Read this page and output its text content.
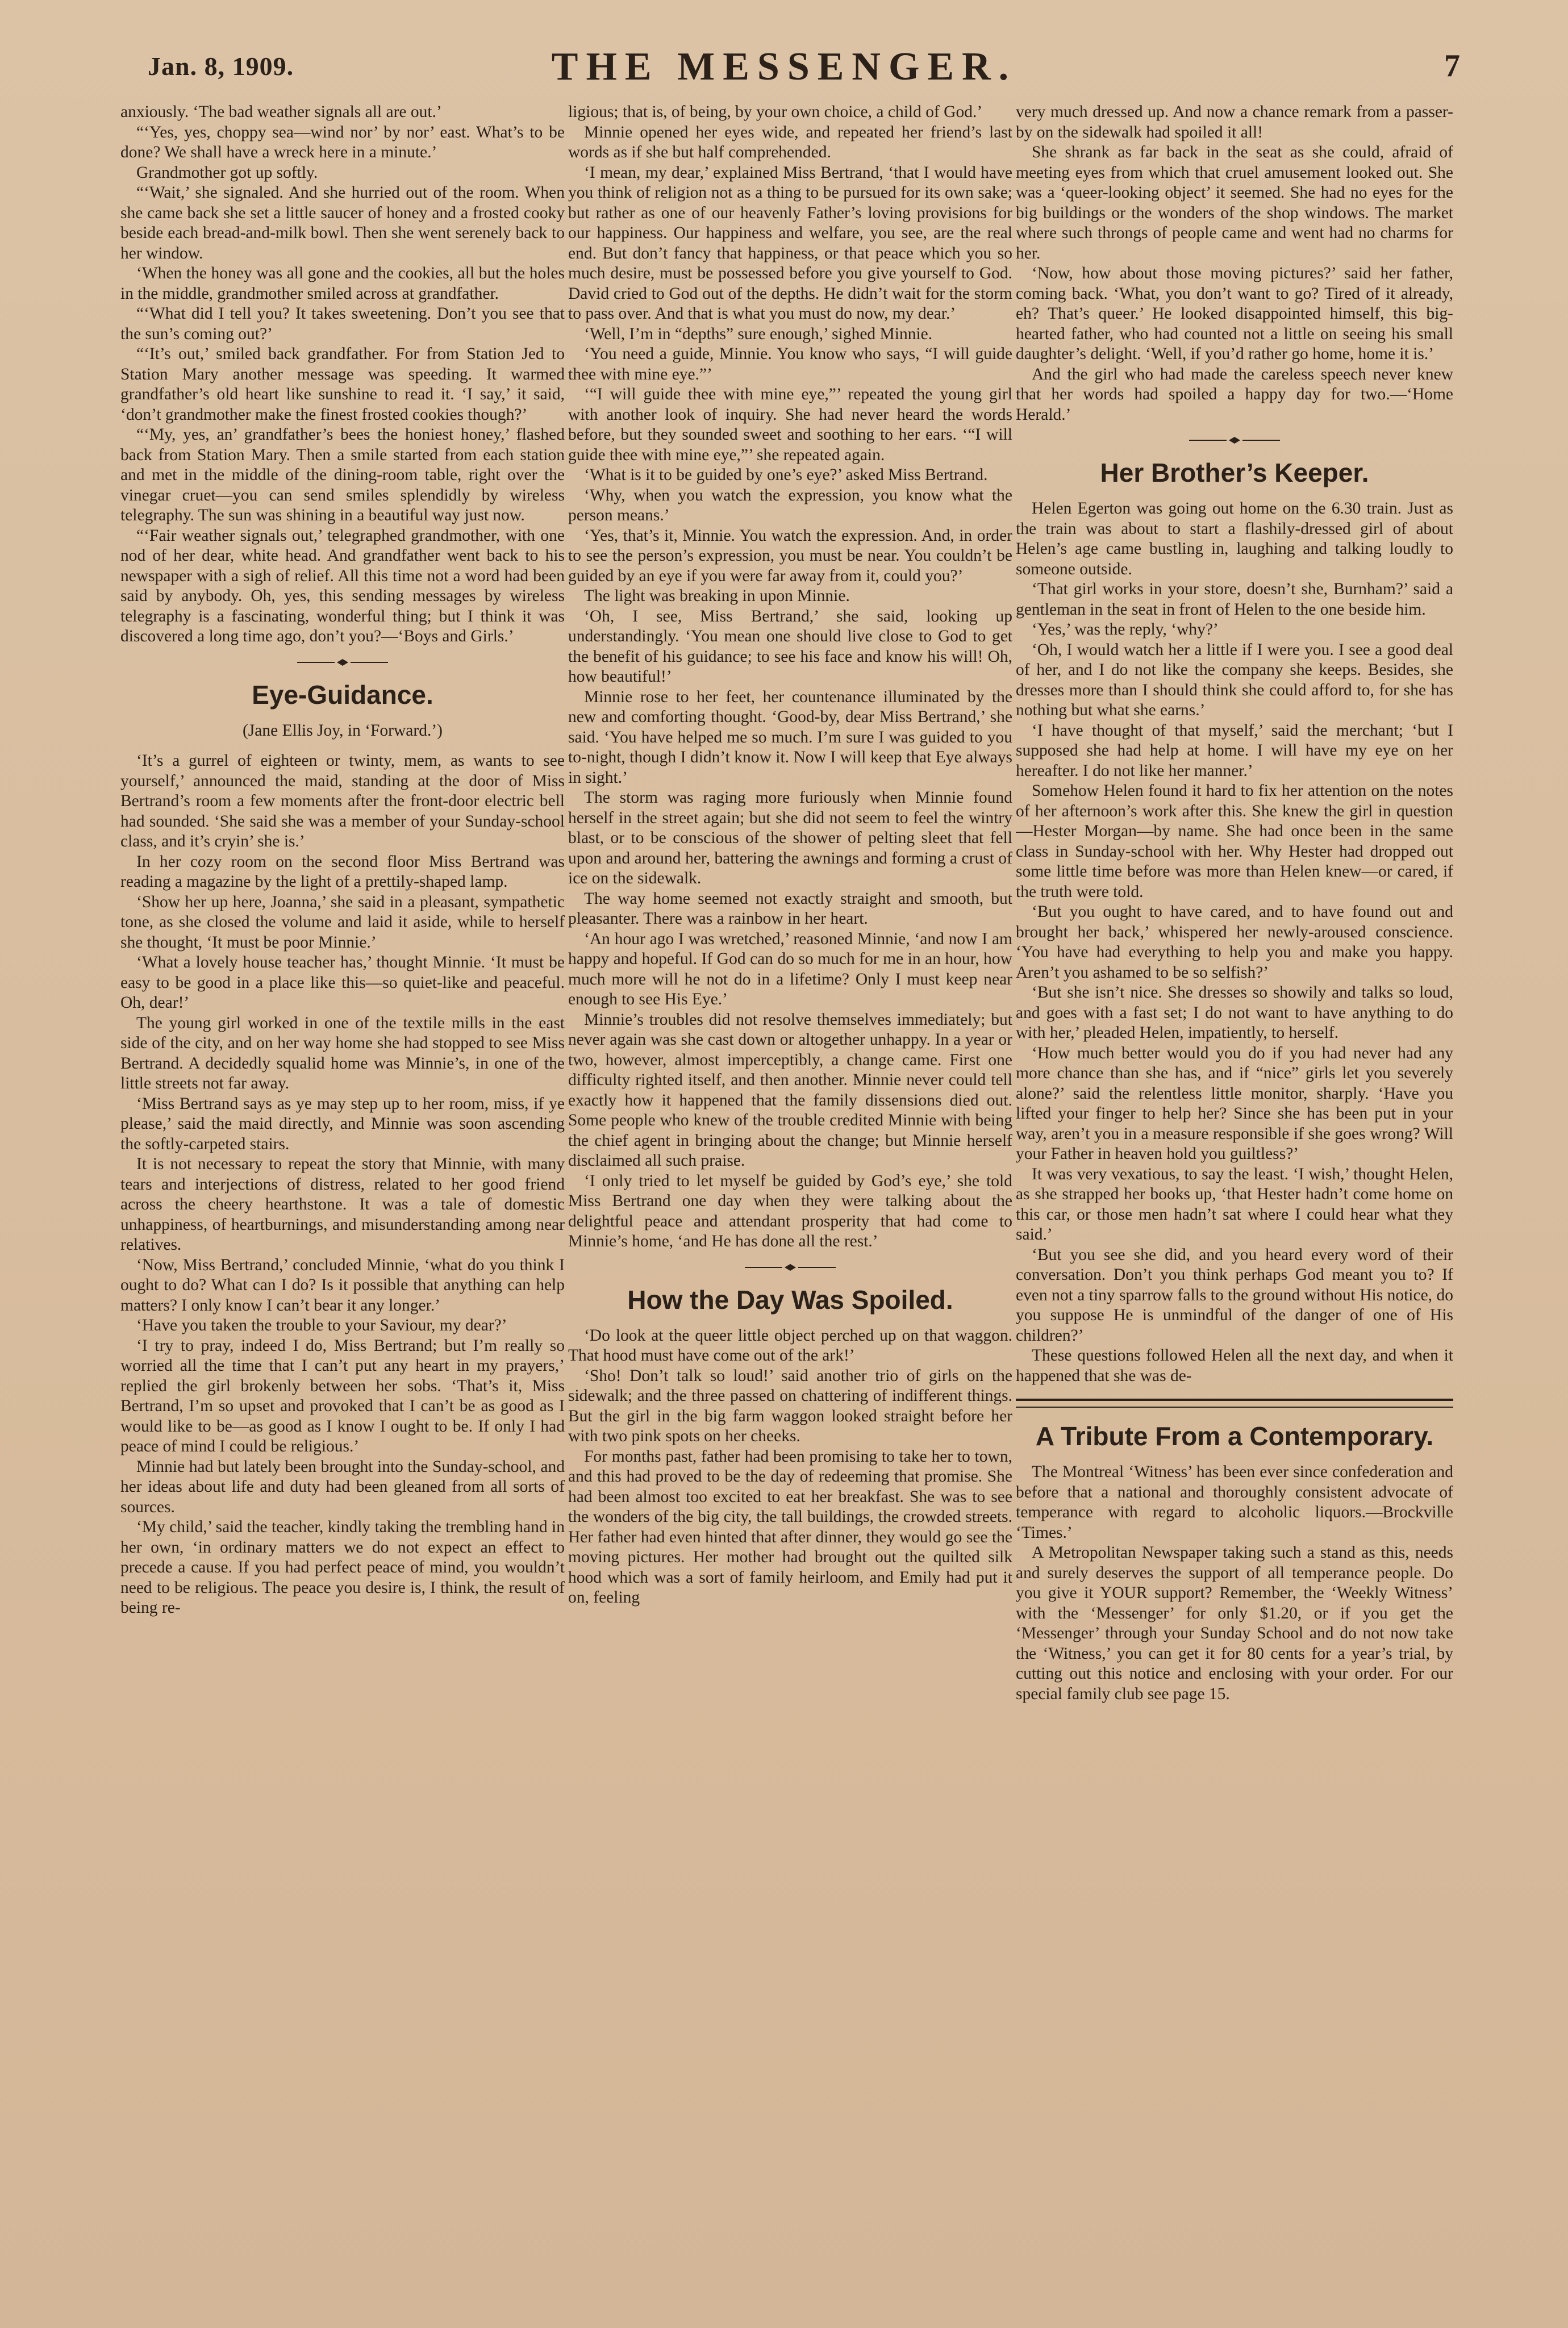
Jan. 8, 1909.	THE MESSENGER.	7

anxiously. ‘The bad weather signals all are out.’

“‘Yes, yes, choppy sea—wind nor’ by nor’ east. What’s to be done? We shall have a wreck here in a minute.’

Grandmother got up softly.

“‘Wait,’ she signaled. And she hurried out of the room. When she came back she set a little saucer of honey and a frosted cooky beside each bread-and-milk bowl. Then she went serenely back to her window.

‘When the honey was all gone and the cookies, all but the holes in the middle, grandmother smiled across at grandfather.

“‘What did I tell you? It takes sweetening. Don’t you see that the sun’s coming out?’

“‘It’s out,’ smiled back grandfather. For from Station Jed to Station Mary another message was speeding. It warmed grandfather’s old heart like sunshine to read it. ‘I say,’ it said, ‘don’t grandmother make the finest frosted cookies though?’

“‘My, yes, an’ grandfather’s bees the honiest honey,’ flashed back from Station Mary. Then a smile started from each station and met in the middle of the dining-room table, right over the vinegar cruet—you can send smiles splendidly by wireless telegraphy. The sun was shining in a beautiful way just now.

“‘Fair weather signals out,’ telegraphed grandmother, with one nod of her dear, white head. And grandfather went back to his newspaper with a sigh of relief. All this time not a word had been said by anybody. Oh, yes, this sending messages by wireless telegraphy is a fascinating, wonderful thing; but I think it was discovered a long time ago, don’t you?—‘Boys and Girls.’

Eye-Guidance.
(Jane Ellis Joy, in ‘Forward.’)

‘It’s a gurrel of eighteen or twinty, mem, as wants to see yourself,’ announced the maid, standing at the door of Miss Bertrand’s room a few moments after the front-door electric bell had sounded. ‘She said she was a member of your Sunday-school class, and it’s cryin’ she is.’

In her cozy room on the second floor Miss Bertrand was reading a magazine by the light of a prettily-shaped lamp.

‘Show her up here, Joanna,’ she said in a pleasant, sympathetic tone, as she closed the volume and laid it aside, while to herself she thought, ‘It must be poor Minnie.’

‘What a lovely house teacher has,’ thought Minnie. ‘It must be easy to be good in a place like this—so quiet-like and peaceful. Oh, dear!’

The young girl worked in one of the textile mills in the east side of the city, and on her way home she had stopped to see Miss Bertrand. A decidedly squalid home was Minnie’s, in one of the little streets not far away.

‘Miss Bertrand says as ye may step up to her room, miss, if ye please,’ said the maid directly, and Minnie was soon ascending the softly-carpeted stairs.

It is not necessary to repeat the story that Minnie, with many tears and interjections of distress, related to her good friend across the cheery hearthstone. It was a tale of domestic unhappiness, of heartburnings, and misunderstanding among near relatives.

‘Now, Miss Bertrand,’ concluded Minnie, ‘what do you think I ought to do? What can I do? Is it possible that anything can help matters? I only know I can’t bear it any longer.’

‘Have you taken the trouble to your Saviour, my dear?’

‘I try to pray, indeed I do, Miss Bertrand; but I’m really so worried all the time that I can’t put any heart in my prayers,’ replied the girl brokenly between her sobs. ‘That’s it, Miss Bertrand, I’m so upset and provoked that I can’t be as good as I would like to be—as good as I know I ought to be. If only I had peace of mind I could be religious.’

Minnie had but lately been brought into the Sunday-school, and her ideas about life and duty had been gleaned from all sorts of sources.

‘My child,’ said the teacher, kindly taking the trembling hand in her own, ‘in ordinary matters we do not expect an effect to precede a cause. If you had perfect peace of mind, you wouldn’t need to be religious. The peace you desire is, I think, the result of being re-

ligious; that is, of being, by your own choice, a child of God.’

Minnie opened her eyes wide, and repeated her friend’s last words as if she but half comprehended.

‘I mean, my dear,’ explained Miss Bertrand, ‘that I would have you think of religion not as a thing to be pursued for its own sake; but rather as one of our heavenly Father’s loving provisions for our happiness. Our happiness and welfare, you see, are the real end. But don’t fancy that happiness, or that peace which you so much desire, must be possessed before you give yourself to God. David cried to God out of the depths. He didn’t wait for the storm to pass over. And that is what you must do now, my dear.’

‘Well, I’m in “depths” sure enough,’ sighed Minnie.

‘You need a guide, Minnie. You know who says, “I will guide thee with mine eye.”’

‘“I will guide thee with mine eye,”’ repeated the young girl with another look of inquiry. She had never heard the words before, but they sounded sweet and soothing to her ears. ‘“I will guide thee with mine eye,”’ she repeated again.

‘What is it to be guided by one’s eye?’ asked Miss Bertrand.

‘Why, when you watch the expression, you know what the person means.’

‘Yes, that’s it, Minnie. You watch the expression. And, in order to see the person’s expression, you must be near. You couldn’t be guided by an eye if you were far away from it, could you?’

The light was breaking in upon Minnie.

‘Oh, I see, Miss Bertrand,’ she said, looking up understandingly. ‘You mean one should live close to God to get the benefit of his guidance; to see his face and know his will! Oh, how beautiful!’

Minnie rose to her feet, her countenance illuminated by the new and comforting thought. ‘Good-by, dear Miss Bertrand,’ she said. ‘You have helped me so much. I’m sure I was guided to you to-night, though I didn’t know it. Now I will keep that Eye always in sight.’

The storm was raging more furiously when Minnie found herself in the street again; but she did not seem to feel the wintry blast, or to be conscious of the shower of pelting sleet that fell upon and around her, battering the awnings and forming a crust of ice on the sidewalk.

The way home seemed not exactly straight and smooth, but pleasanter. There was a rainbow in her heart.

‘An hour ago I was wretched,’ reasoned Minnie, ‘and now I am happy and hopeful. If God can do so much for me in an hour, how much more will he not do in a lifetime? Only I must keep near enough to see His Eye.’

Minnie’s troubles did not resolve themselves immediately; but never again was she cast down or altogether unhappy. In a year or two, however, almost imperceptibly, a change came. First one difficulty righted itself, and then another. Minnie never could tell exactly how it happened that the family dissensions died out. Some people who knew of the trouble credited Minnie with being the chief agent in bringing about the change; but Minnie herself disclaimed all such praise.

‘I only tried to let myself be guided by God’s eye,’ she told Miss Bertrand one day when they were talking about the delightful peace and attendant prosperity that had come to Minnie’s home, ‘and He has done all the rest.’

How the Day Was Spoiled.

‘Do look at the queer little object perched up on that waggon. That hood must have come out of the ark!’

‘Sho! Don’t talk so loud!’ said another trio of girls on the sidewalk; and the three passed on chattering of indifferent things. But the girl in the big farm waggon looked straight before her with two pink spots on her cheeks.

For months past, father had been promising to take her to town, and this had proved to be the day of redeeming that promise. She had been almost too excited to eat her breakfast. She was to see the wonders of the big city, the tall buildings, the crowded streets. Her father had even hinted that after dinner, they would go see the moving pictures. Her mother had brought out the quilted silk hood which was a sort of family heirloom, and Emily had put it on, feeling

very much dressed up. And now a chance remark from a passer-by on the sidewalk had spoiled it all!

She shrank as far back in the seat as she could, afraid of meeting eyes from which that cruel amusement looked out. She was a ‘queer-looking object’ it seemed. She had no eyes for the big buildings or the wonders of the shop windows. The market where such throngs of people came and went had no charms for her.

‘Now, how about those moving pictures?’ said her father, coming back. ‘What, you don’t want to go? Tired of it already, eh? That’s queer.’ He looked disappointed himself, this big-hearted father, who had counted not a little on seeing his small daughter’s delight. ‘Well, if you’d rather go home, home it is.’

And the girl who had made the careless speech never knew that her words had spoiled a happy day for two.—‘Home Herald.’

Her Brother’s Keeper.

Helen Egerton was going out home on the 6.30 train. Just as the train was about to start a flashily-dressed girl of about Helen’s age came bustling in, laughing and talking loudly to someone outside.

‘That girl works in your store, doesn’t she, Burnham?’ said a gentleman in the seat in front of Helen to the one beside him.

‘Yes,’ was the reply, ‘why?’

‘Oh, I would watch her a little if I were you. I see a good deal of her, and I do not like the company she keeps. Besides, she dresses more than I should think she could afford to, for she has nothing but what she earns.’

‘I have thought of that myself,’ said the merchant; ‘but I supposed she had help at home. I will have my eye on her hereafter. I do not like her manner.’

Somehow Helen found it hard to fix her attention on the notes of her afternoon’s work after this. She knew the girl in question—Hester Morgan—by name. She had once been in the same class in Sunday-school with her. Why Hester had dropped out some little time before was more than Helen knew—or cared, if the truth were told.

‘But you ought to have cared, and to have found out and brought her back,’ whispered her newly-aroused conscience. ‘You have had everything to help you and make you happy. Aren’t you ashamed to be so selfish?’

‘But she isn’t nice. She dresses so showily and talks so loud, and goes with a fast set; I do not want to have anything to do with her,’ pleaded Helen, impatiently, to herself.

‘How much better would you do if you had never had any more chance than she has, and if “nice” girls let you severely alone?’ said the relentless little monitor, sharply. ‘Have you lifted your finger to help her? Since she has been put in your way, aren’t you in a measure responsible if she goes wrong? Will your Father in heaven hold you guiltless?’

It was very vexatious, to say the least. ‘I wish,’ thought Helen, as she strapped her books up, ‘that Hester hadn’t come home on this car, or those men hadn’t sat where I could hear what they said.’

‘But you see she did, and you heard every word of their conversation. Don’t you think perhaps God meant you to? If even not a tiny sparrow falls to the ground without His notice, do you suppose He is unmindful of the danger of one of His children?’

These questions followed Helen all the next day, and when it happened that she was de-

A Tribute From a Contemporary.

The Montreal ‘Witness’ has been ever since confederation and before that a national and thoroughly consistent advocate of temperance with regard to alcoholic liquors.—Brockville ‘Times.’

A Metropolitan Newspaper taking such a stand as this, needs and surely deserves the support of all temperance people. Do you give it YOUR support? Remember, the ‘Weekly Witness’ with the ‘Messenger’ for only $1.20, or if you get the ‘Messenger’ through your Sunday School and do not now take the ‘Witness,’ you can get it for 80 cents for a year’s trial, by cutting out this notice and enclosing with your order. For our special family club see page 15.
